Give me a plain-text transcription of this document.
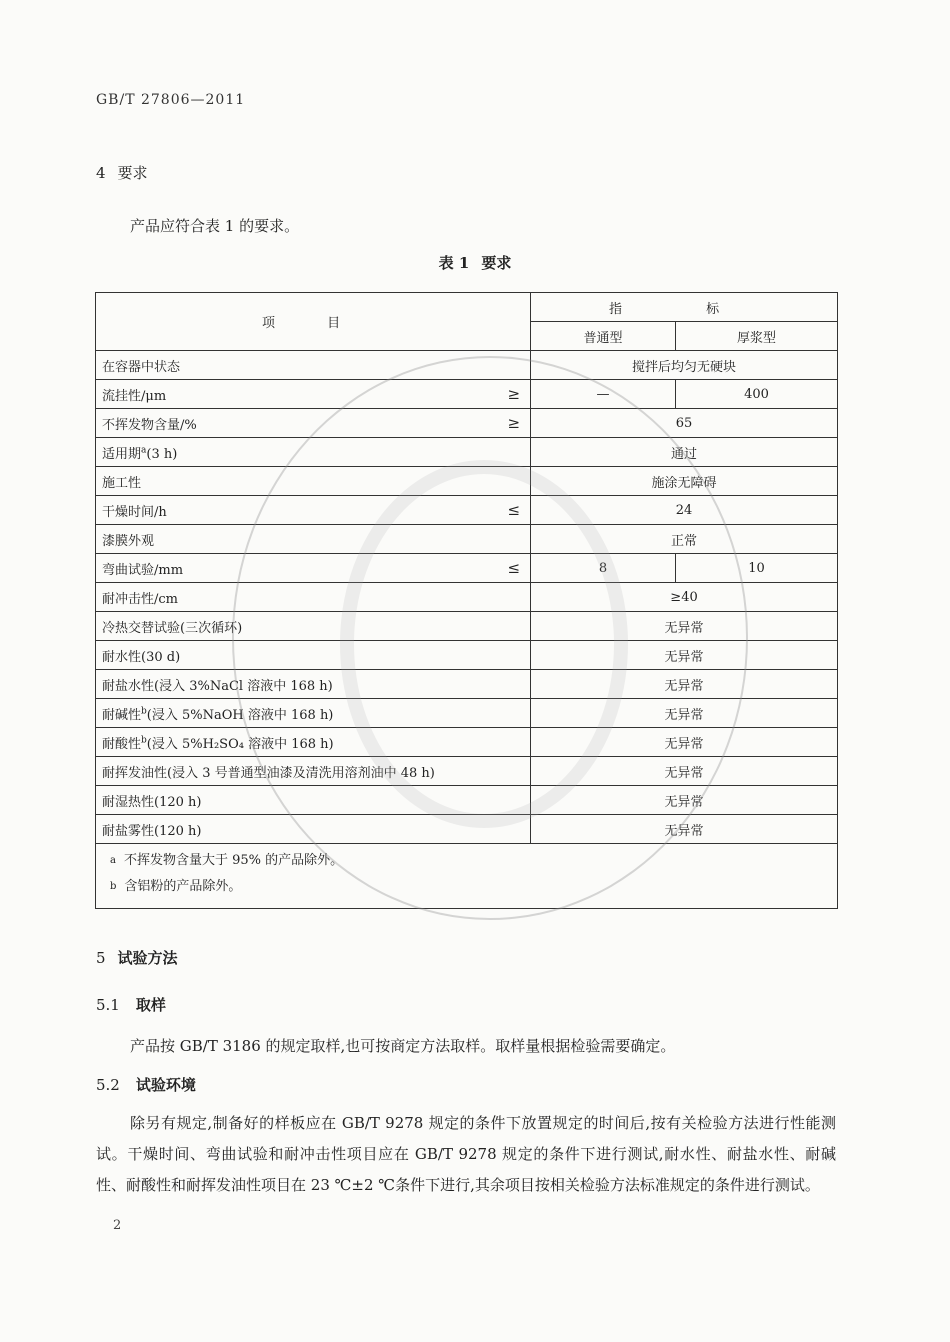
GB/T 27806—2011
4 要求
产品应符合表 1 的要求。
表 1 要求
项 目		指 标	
		普通型	厚浆型
在容器中状态		搅拌后均匀无硬块	
流挂性/μm	≥	—	400
不挥发物含量/%	≥	65	
适用期$^a$(3 h)		通过	
施工性		施涂无障碍	
干燥时间/h	≤	24	
漆膜外观		正常	
弯曲试验/mm	≤	8	10
耐冲击性/cm		≥40	
冷热交替试验(三次循环)		无异常	
耐水性(30 d)		无异常	
耐盐水性(浸入 3%NaCl 溶液中 168 h)		无异常	
耐碱性$^b$(浸入 5%NaOH 溶液中 168 h)		无异常	
耐酸性$^b$(浸入 5%H₂SO₄ 溶液中 168 h)		无异常	
耐挥发油性(浸入 3 号普通型油漆及清洗用溶剂油中 48 h)		无异常	
耐湿热性(120 h)		无异常	
耐盐雾性(120 h)		无异常	

$^a$ 不挥发物含量大于 95% 的产品除外。
$^b$ 含铝粉的产品除外。			
5 试验方法
5.1 取样
产品按 GB/T 3186 的规定取样,也可按商定方法取样。取样量根据检验需要确定。
5.2 试验环境
除另有规定,制备好的样板应在 GB/T 9278 规定的条件下放置规定的时间后,按有关检验方法进行性能测试。干燥时间、弯曲试验和耐冲击性项目应在 GB/T 9278 规定的条件下进行测试,耐水性、耐盐水性、耐碱性、耐酸性和耐挥发油性项目在 23 ℃±2 ℃条件下进行,其余项目按相关检验方法标准规定的条件进行测试。
2
